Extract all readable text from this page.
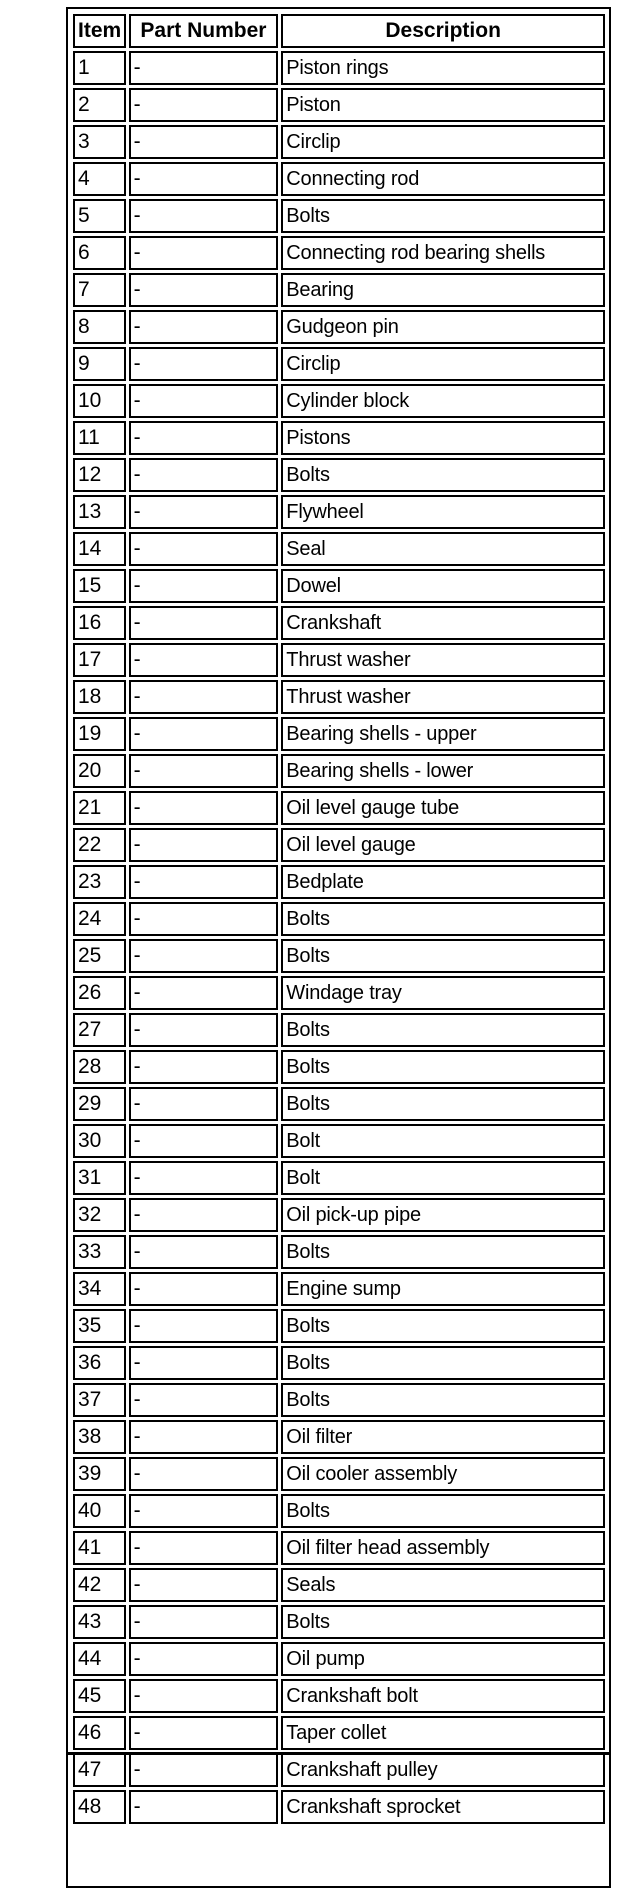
Item	Part Number	Description
1	-	Piston rings
2	-	Piston
3	-	Circlip
4	-	Connecting rod
5	-	Bolts
6	-	Connecting rod bearing shells
7	-	Bearing
8	-	Gudgeon pin
9	-	Circlip
10	-	Cylinder block
11	-	Pistons
12	-	Bolts
13	-	Flywheel
14	-	Seal
15	-	Dowel
16	-	Crankshaft
17	-	Thrust washer
18	-	Thrust washer
19	-	Bearing shells - upper
20	-	Bearing shells - lower
21	-	Oil level gauge tube
22	-	Oil level gauge
23	-	Bedplate
24	-	Bolts
25	-	Bolts
26	-	Windage tray
27	-	Bolts
28	-	Bolts
29	-	Bolts
30	-	Bolt
31	-	Bolt
32	-	Oil pick-up pipe
33	-	Bolts
34	-	Engine sump
35	-	Bolts
36	-	Bolts
37	-	Bolts
38	-	Oil filter
39	-	Oil cooler assembly
40	-	Bolts
41	-	Oil filter head assembly
42	-	Seals
43	-	Bolts
44	-	Oil pump
45	-	Crankshaft bolt
46	-	Taper collet
47	-	Crankshaft pulley
48	-	Crankshaft sprocket
